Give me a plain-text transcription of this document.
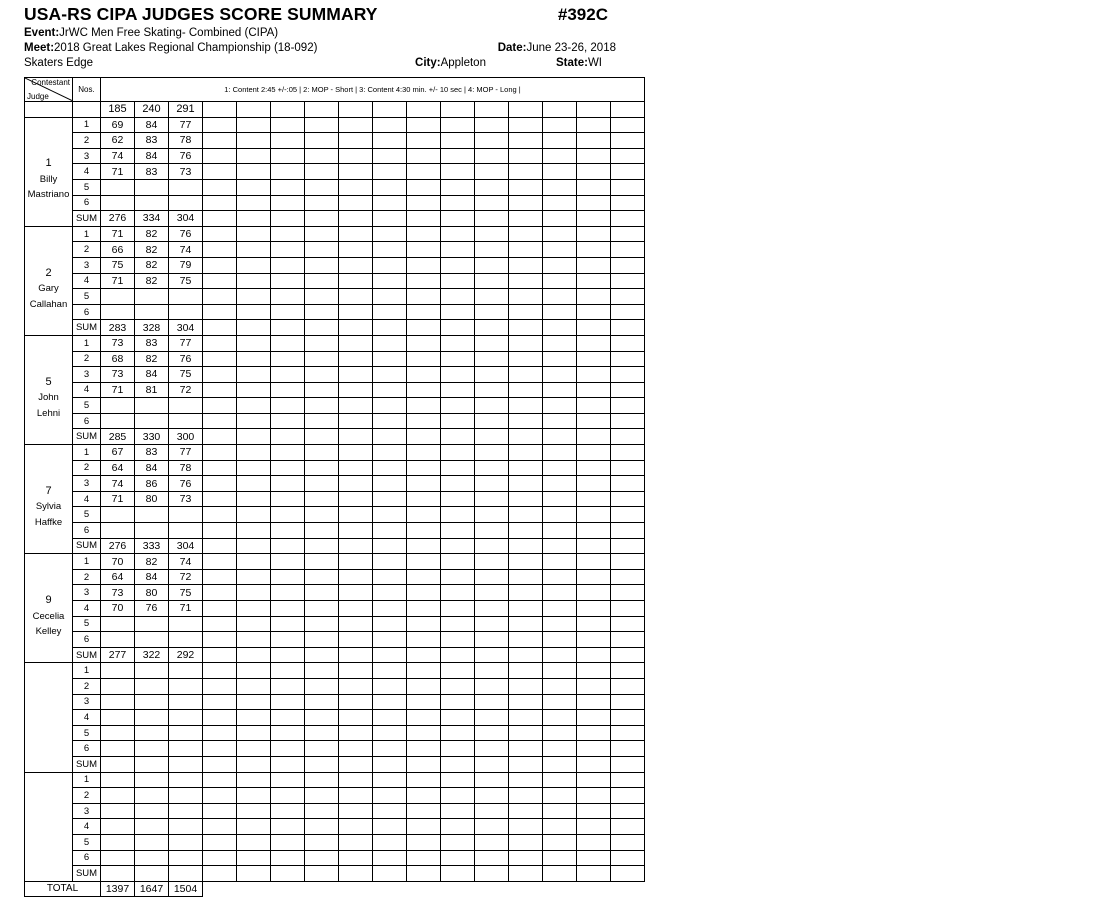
USA-RS CIPA JUDGES SCORE SUMMARY	#392C
Event: JrWC Men Free Skating- Combined (CIPA)
Meet: 2018 Great Lakes Regional Championship (18-092)	Date: June 23-26, 2018
Skaters Edge	City: Appleton	State: WI
Contestant
Judge	Nos.	1: Content 2:45 +/-:05 | 2: MOP - Short | 3: Content 4:30 min. +/- 10 sec | 4: MOP - Long |															
		185	240	291													

1
Billy
Mastriano	1	69	84	77													
	2	62	83	78													
	3	74	84	76													
	4	71	83	73													
	5																
	6																
	SUM	276	334	304													

2
Gary
Callahan	1	71	82	76													
	2	66	82	74													
	3	75	82	79													
	4	71	82	75													
	5																
	6																
	SUM	283	328	304													

5
John
Lehni	1	73	83	77													
	2	68	82	76													
	3	73	84	75													
	4	71	81	72													
	5																
	6																
	SUM	285	330	300													

7
Sylvia
Haffke	1	67	83	77													
	2	64	84	78													
	3	74	86	76													
	4	71	80	73													
	5																
	6																
	SUM	276	333	304													

9
Cecelia
Kelley	1	70	82	74													
	2	64	84	72													
	3	73	80	75													
	4	70	76	71													
	5																
	6																
	SUM	277	322	292													

	1																
	2																
	3																
	4																
	5																
	6																
	SUM																

	1																
	2																
	3																
	4																
	5																
	6																
	SUM																
TOTAL		1397	1647	1504													
